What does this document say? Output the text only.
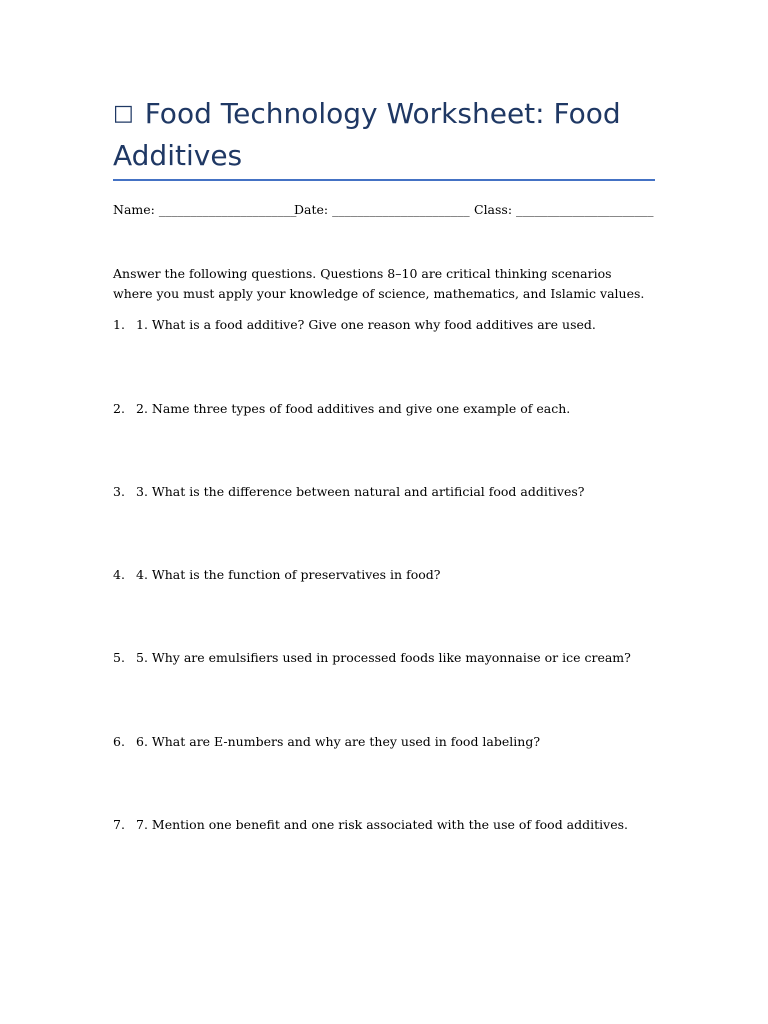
□ Food Technology Worksheet: Food Additives
Name: ______________________
Date: ______________________ Class: ______________________

Answer the following questions. Questions 8–10 are critical thinking scenarios where you must apply your knowledge of science, mathematics, and Islamic values.

1. 1. What is a food additive? Give one reason why food additives are used.
2. 2. Name three types of food additives and give one example of each.
3. 3. What is the difference between natural and artificial food additives?
4. 4. What is the function of preservatives in food?
5. 5. Why are emulsifiers used in processed foods like mayonnaise or ice cream?
6. 6. What are E-numbers and why are they used in food labeling?
7. 7. Mention one benefit and one risk associated with the use of food additives.
